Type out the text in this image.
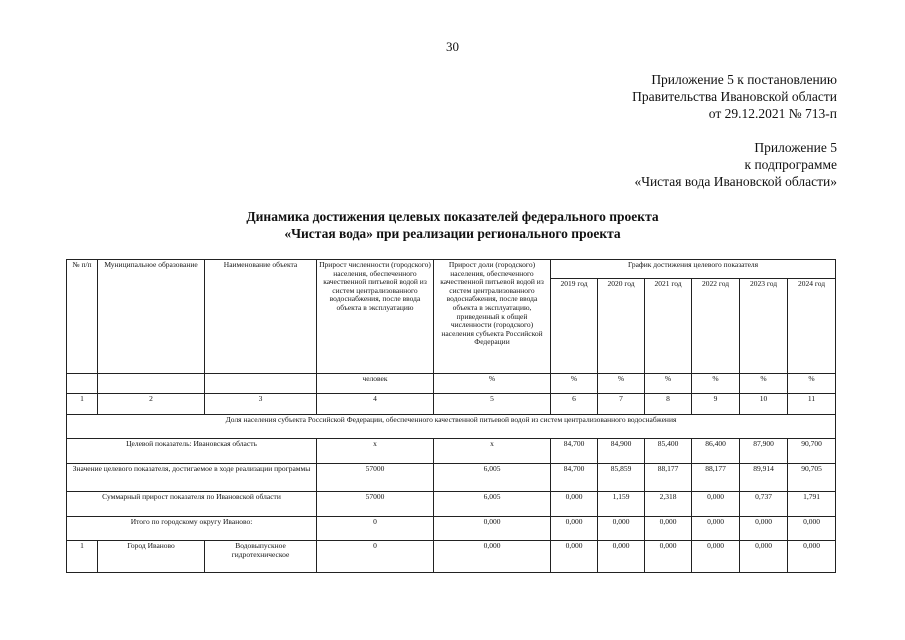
30
Приложение 5 к постановлению
Правительства Ивановской области
от 29.12.2021 № 713-п
Приложение 5
к подпрограмме
«Чистая вода Ивановской области»
Динамика достижения целевых показателей федерального проекта
«Чистая вода» при реализации регионального проекта
№ п/п	Муниципальное образование	Наименование объекта	Прирост численности (городского) населения, обеспеченного качественной питьевой водой из систем централизованного водоснабжения, после ввода объекта в эксплуатацию	Прирост доли (городского) населения, обеспеченного качественной питьевой водой из систем централизованного водоснабжения, после ввода объекта в эксплуатацию, приведенный к общей численности (городского) населения субъекта Российской Федерации	График достижения целевого показателя					
					2019 год	2020 год	2021 год	2022 год	2023 год	2024 год
			человек	%	%	%	%	%	%	%
1	2	3	4	5	6	7	8	9	10	11
Доля населения субъекта Российской Федерации, обеспеченного качественной питьевой водой из систем централизованного водоснабжения										
Целевой показатель: Ивановская область			х	х	84,700	84,900	85,400	86,400	87,900	90,700
Значение целевого показателя, достигаемое в ходе реализации программы			57000	6,005	84,700	85,859	88,177	88,177	89,914	90,705
Суммарный прирост показателя по Ивановской области			57000	6,005	0,000	1,159	2,318	0,000	0,737	1,791
Итого по городскому округу Иваново:			0	0,000	0,000	0,000	0,000	0,000	0,000	0,000
1	Город Иваново	Водовыпускное гидротехническое	0	0,000	0,000	0,000	0,000	0,000	0,000	0,000
